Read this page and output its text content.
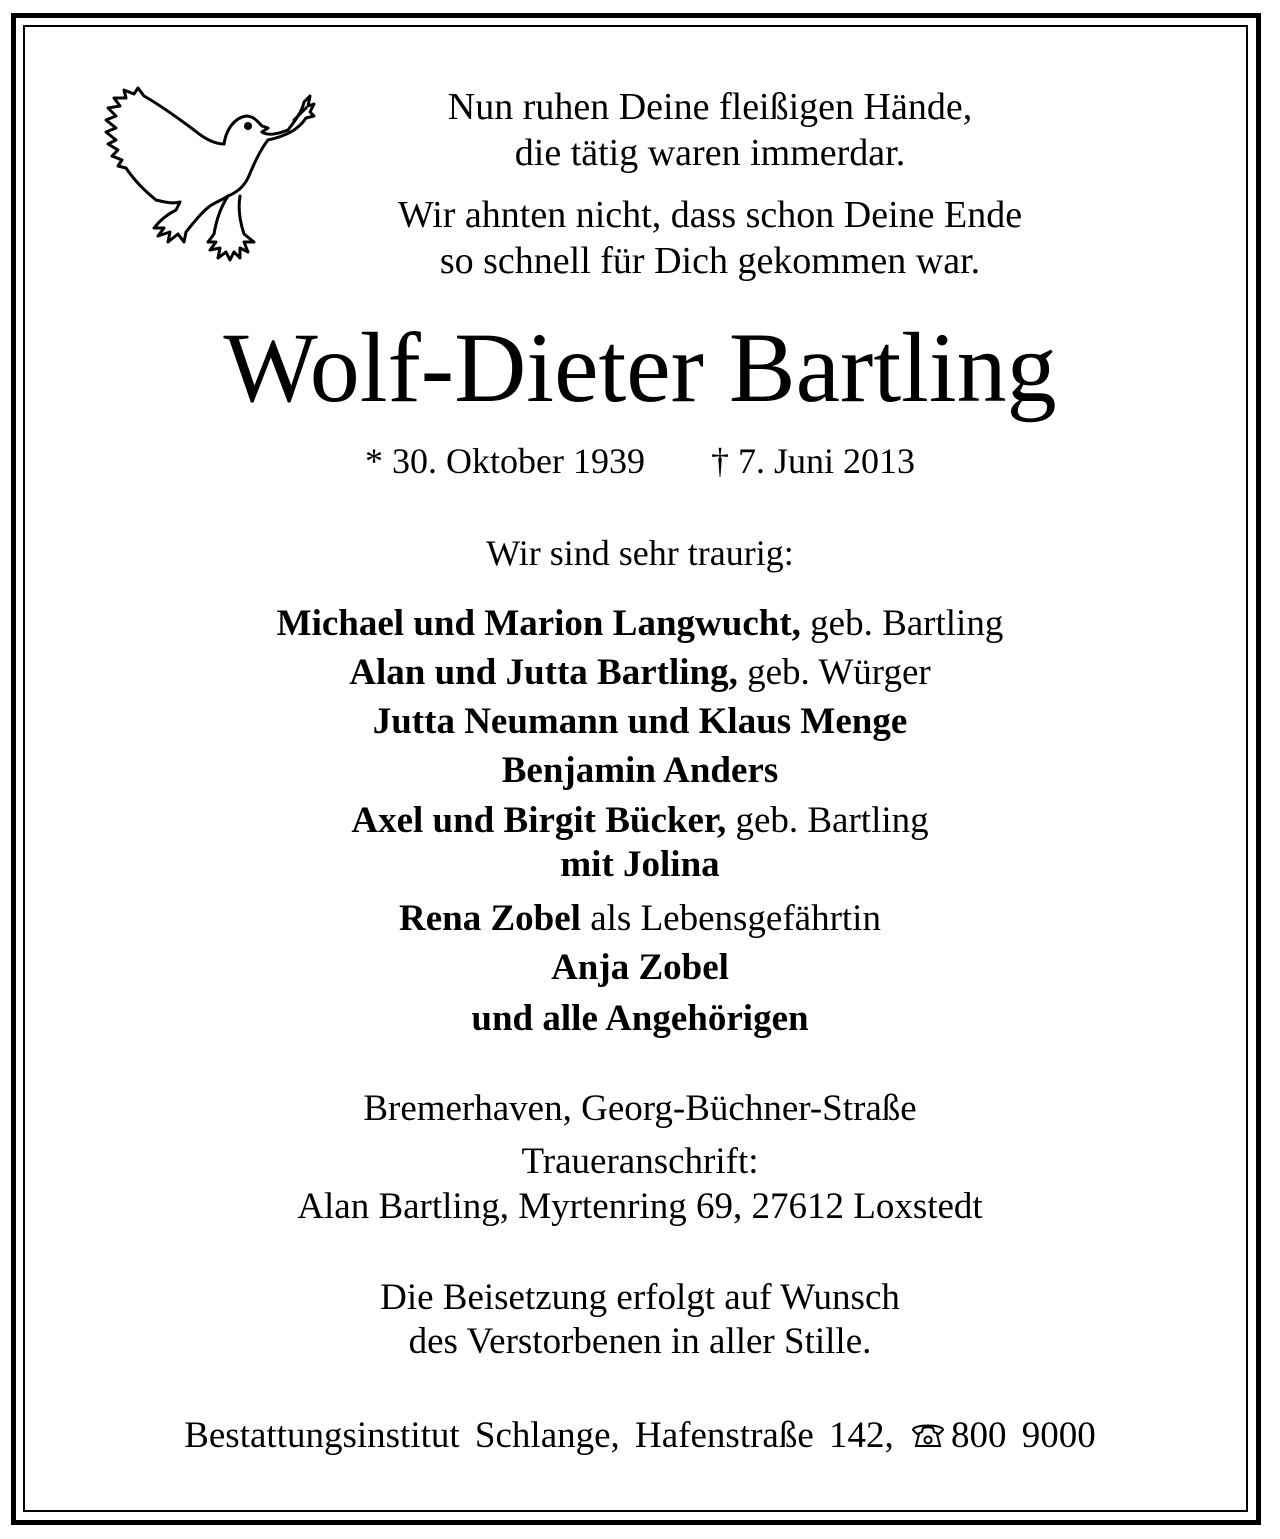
Nun ruhen Deine fleißigen Hände,
die tätig waren immerdar.
Wir ahnten nicht, dass schon Deine Ende
so schnell für Dich gekommen war.
Wolf-Dieter Bartling
* 30. Oktober 1939 † 7. Juni 2013
Wir sind sehr traurig:
Michael und Marion Langwucht, geb. Bartling
Alan und Jutta Bartling, geb. Würger
Jutta Neumann und Klaus Menge
Benjamin Anders
Axel und Birgit Bücker, geb. Bartling
mit Jolina
Rena Zobel als Lebensgefährtin
Anja Zobel
und alle Angehörigen
Bremerhaven, Georg-Büchner-Straße
Traueranschrift:
Alan Bartling, Myrtenring 69, 27612 Loxstedt
Die Beisetzung erfolgt auf Wunsch
des Verstorbenen in aller Stille.
Bestattungsinstitut Schlange, Hafenstraße 142, 800 9000
